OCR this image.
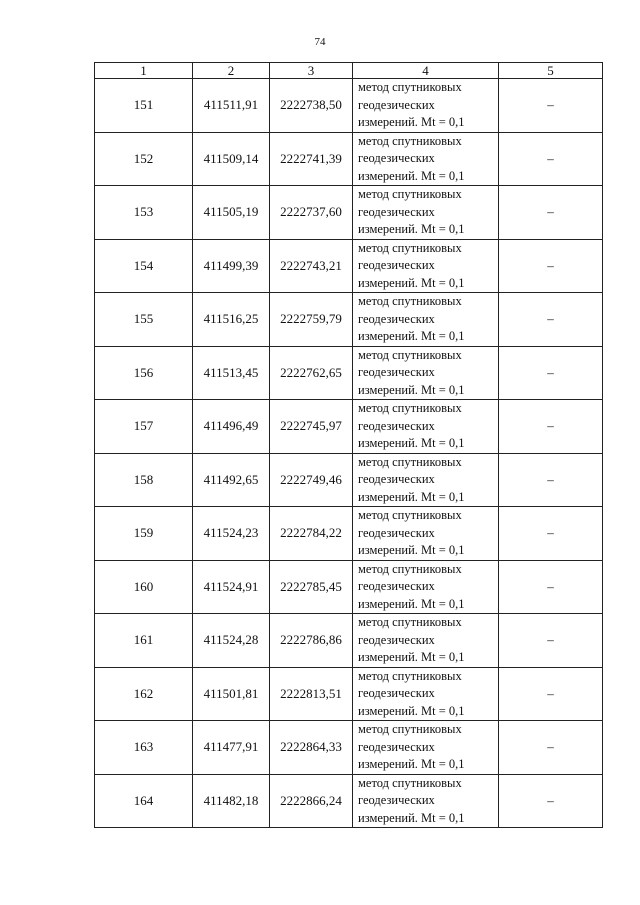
74
1	2	3	4	5
151	411511,91	2222738,50	метод спутниковых
геодезических
измерений. Mt = 0,1	–
152	411509,14	2222741,39	метод спутниковых
геодезических
измерений. Mt = 0,1	–
153	411505,19	2222737,60	метод спутниковых
геодезических
измерений. Mt = 0,1	–
154	411499,39	2222743,21	метод спутниковых
геодезических
измерений. Mt = 0,1	–
155	411516,25	2222759,79	метод спутниковых
геодезических
измерений. Mt = 0,1	–
156	411513,45	2222762,65	метод спутниковых
геодезических
измерений. Mt = 0,1	–
157	411496,49	2222745,97	метод спутниковых
геодезических
измерений. Mt = 0,1	–
158	411492,65	2222749,46	метод спутниковых
геодезических
измерений. Mt = 0,1	–
159	411524,23	2222784,22	метод спутниковых
геодезических
измерений. Mt = 0,1	–
160	411524,91	2222785,45	метод спутниковых
геодезических
измерений. Mt = 0,1	–
161	411524,28	2222786,86	метод спутниковых
геодезических
измерений. Mt = 0,1	–
162	411501,81	2222813,51	метод спутниковых
геодезических
измерений. Mt = 0,1	–
163	411477,91	2222864,33	метод спутниковых
геодезических
измерений. Mt = 0,1	–
164	411482,18	2222866,24	метод спутниковых
геодезических
измерений. Mt = 0,1	–
